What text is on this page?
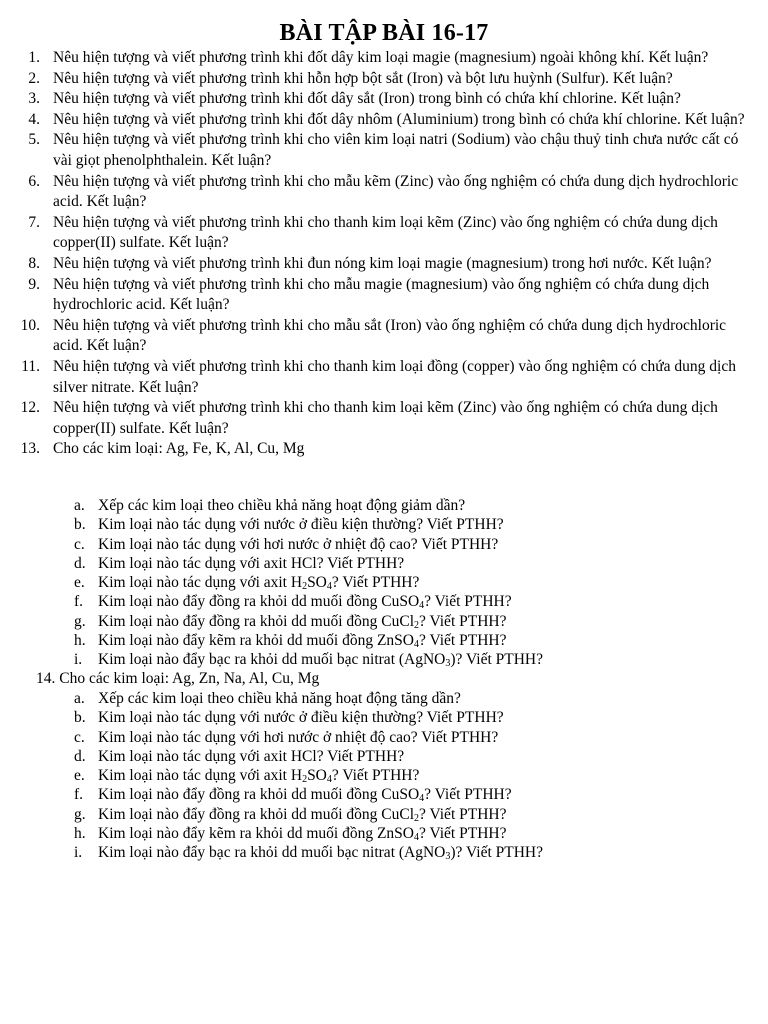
BÀI TẬP BÀI 16-17
1. Nêu hiện tượng và viết phương trình khi đốt dây kim loại magie (magnesium) ngoài không khí. Kết luận?
2. Nêu hiện tượng và viết phương trình khi hỗn hợp bột sắt (Iron) và bột lưu huỳnh (Sulfur). Kết luận?
3. Nêu hiện tượng và viết phương trình khi đốt dây sắt (Iron) trong bình có chứa khí chlorine. Kết luận?
4. Nêu hiện tượng và viết phương trình khi đốt dây nhôm (Aluminium) trong bình có chứa khí chlorine. Kết luận?
5. Nêu hiện tượng và viết phương trình khi cho viên kim loại natri (Sodium) vào chậu thuỷ tinh chưa nước cất có vài giọt phenolphthalein. Kết luận?
6. Nêu hiện tượng và viết phương trình khi cho mẫu kẽm (Zinc) vào ống nghiệm có chứa dung dịch hydrochloric acid. Kết luận?
7. Nêu hiện tượng và viết phương trình khi cho thanh kim loại kẽm (Zinc) vào ống nghiệm có chứa dung dịch copper(II) sulfate. Kết luận?
8. Nêu hiện tượng và viết phương trình khi đun nóng kim loại magie (magnesium) trong hơi nước. Kết luận?
9. Nêu hiện tượng và viết phương trình khi cho mẫu magie (magnesium) vào ống nghiệm có chứa dung dịch hydrochloric acid. Kết luận?
10. Nêu hiện tượng và viết phương trình khi cho mẫu sắt (Iron) vào ống nghiệm có chứa dung dịch hydrochloric acid. Kết luận?
11. Nêu hiện tượng và viết phương trình khi cho thanh kim loại đồng (copper) vào ống nghiệm có chứa dung dịch silver nitrate. Kết luận?
12. Nêu hiện tượng và viết phương trình khi cho thanh kim loại kẽm (Zinc) vào ống nghiệm có chứa dung dịch copper(II) sulfate. Kết luận?
13. Cho các kim loại: Ag, Fe, K, Al, Cu, Mg
a. Xếp các kim loại theo chiều khả năng hoạt động giảm dần?
b. Kim loại nào tác dụng với nước ở điều kiện thường? Viết PTHH?
c. Kim loại nào tác dụng với hơi nước ở nhiệt độ cao? Viết PTHH?
d. Kim loại nào tác dụng với axit HCl? Viết PTHH?
e. Kim loại nào tác dụng với axit $H_2SO_4$? Viết PTHH?
f. Kim loại nào đẩy đồng ra khỏi dd muối đồng CuSO$_4$? Viết PTHH?
g. Kim loại nào đẩy đồng ra khỏi dd muối đồng CuCl$_2$? Viết PTHH?
h. Kim loại nào đẩy kẽm ra khỏi dd muối đồng ZnSO$_4$? Viết PTHH?
i.	Kim loại nào đẩy bạc ra khỏi dd muối bạc nitrat (AgNO$_3$)? Viết PTHH?
14. Cho các kim loại: Ag, Zn, Na, Al, Cu, Mg
a. Xếp các kim loại theo chiều khả năng hoạt động tăng dần?
b. Kim loại nào tác dụng với nước ở điều kiện thường? Viết PTHH?
c. Kim loại nào tác dụng với hơi nước ở nhiệt độ cao? Viết PTHH?
d. Kim loại nào tác dụng với axit HCl? Viết PTHH?
e. Kim loại nào tác dụng với axit $H_2SO_4$? Viết PTHH?
f. Kim loại nào đẩy đồng ra khỏi dd muối đồng CuSO$_4$? Viết PTHH?
g. Kim loại nào đẩy đồng ra khỏi dd muối đồng CuCl$_2$? Viết PTHH?
h. Kim loại nào đẩy kẽm ra khỏi dd muối đồng ZnSO$_4$? Viết PTHH?
i.	Kim loại nào đẩy bạc ra khỏi dd muối bạc nitrat (AgNO$_3$)? Viết PTHH?
